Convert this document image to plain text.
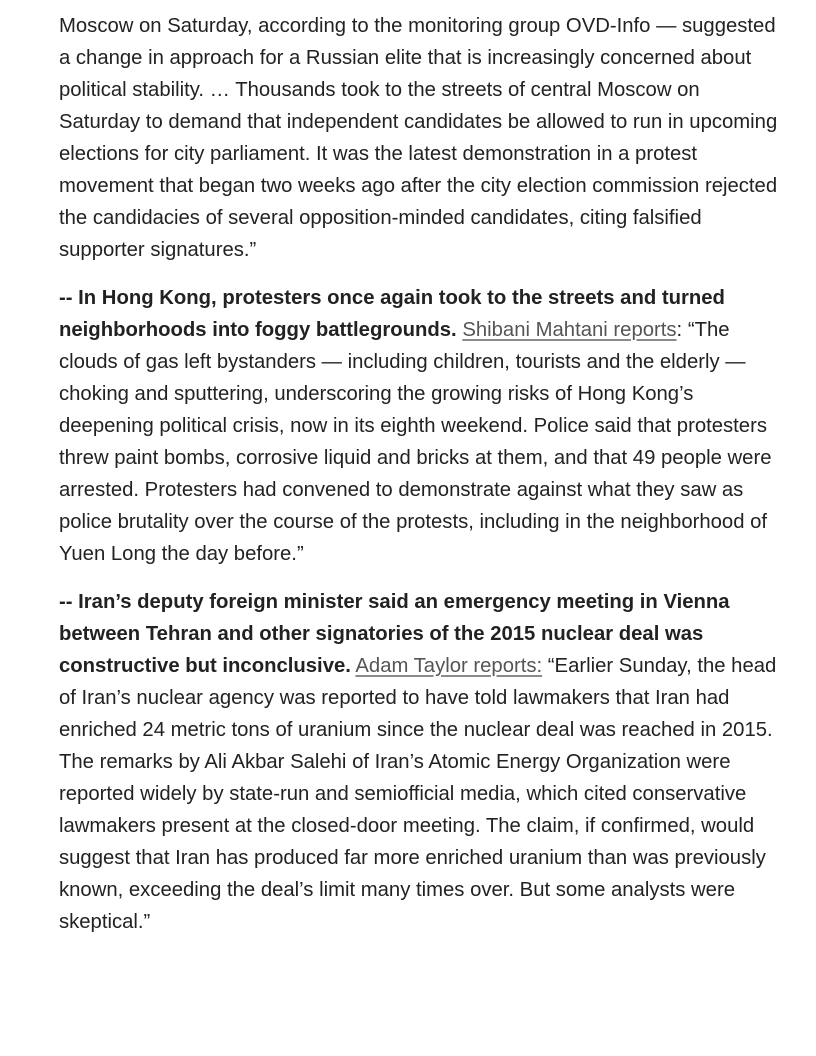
Moscow on Saturday, according to the monitoring group OVD-Info — suggested a change in approach for a Russian elite that is increasingly concerned about political stability. … Thousands took to the streets of central Moscow on Saturday to demand that independent candidates be allowed to run in upcoming elections for city parliament. It was the latest demonstration in a protest movement that began two weeks ago after the city election commission rejected the candidacies of several opposition-minded candidates, citing falsified supporter signatures.”

-- In Hong Kong, protesters once again took to the streets and turned neighborhoods into foggy battlegrounds. Shibani Mahtani reports: “The clouds of gas left bystanders — including children, tourists and the elderly — choking and sputtering, underscoring the growing risks of Hong Kong’s deepening political crisis, now in its eighth weekend. Police said that protesters threw paint bombs, corrosive liquid and bricks at them, and that 49 people were arrested. Protesters had convened to demonstrate against what they saw as police brutality over the course of the protests, including in the neighborhood of Yuen Long the day before.”

-- Iran’s deputy foreign minister said an emergency meeting in Vienna between Tehran and other signatories of the 2015 nuclear deal was constructive but inconclusive. Adam Taylor reports: “Earlier Sunday, the head of Iran’s nuclear agency was reported to have told lawmakers that Iran had enriched 24 metric tons of uranium since the nuclear deal was reached in 2015. The remarks by Ali Akbar Salehi of Iran’s Atomic Energy Organization were reported widely by state-run and semiofficial media, which cited conservative lawmakers present at the closed-door meeting. The claim, if confirmed, would suggest that Iran has produced far more enriched uranium than was previously known, exceeding the deal’s limit many times over. But some analysts were skeptical.”
